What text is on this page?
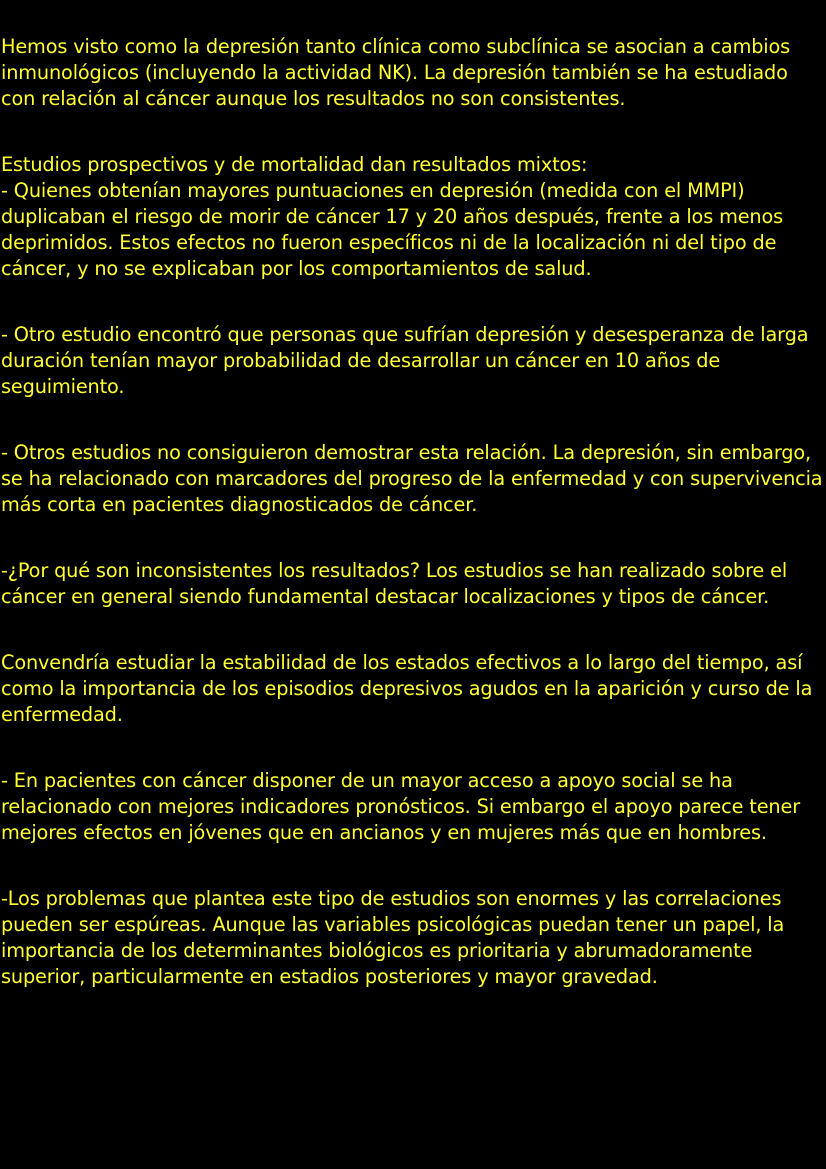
Hemos visto como la depresión tanto clínica como subclínica se asocian a cambios inmunológicos (incluyendo la actividad NK). La depresión también se ha estudiado con relación al cáncer aunque los resultados no son consistentes.

Estudios prospectivos y de mortalidad dan resultados mixtos:

- Quienes obtenían mayores puntuaciones en depresión (medida con el MMPI) duplicaban el riesgo de morir de cáncer 17 y 20 años después, frente a los menos deprimidos. Estos efectos no fueron específicos ni de la localización ni del tipo de cáncer, y no se explicaban por los comportamientos de salud.

- Otro estudio encontró que personas que sufrían depresión y desesperanza de larga duración tenían mayor probabilidad de desarrollar un cáncer en 10 años de seguimiento.

- Otros estudios no consiguieron demostrar esta relación. La depresión, sin embargo, se ha relacionado con marcadores del progreso de la enfermedad y con supervivencia más corta en pacientes diagnosticados de cáncer.

-¿Por qué son inconsistentes los resultados? Los estudios se han realizado sobre el cáncer en general siendo fundamental destacar localizaciones y tipos de cáncer.

Convendría estudiar la estabilidad de los estados efectivos a lo largo del tiempo, así como la importancia de los episodios depresivos agudos en la aparición y curso de la enfermedad.

- En pacientes con cáncer disponer de un mayor acceso a apoyo social se ha relacionado con mejores indicadores pronósticos. Si embargo el apoyo parece tener mejores efectos en jóvenes que en ancianos y en mujeres más que en hombres.

-Los problemas que plantea este tipo de estudios son enormes y las correlaciones pueden ser espúreas. Aunque las variables psicológicas puedan tener un papel, la importancia de los determinantes biológicos es prioritaria y abrumadoramente superior, particularmente en estadios posteriores y mayor gravedad.
